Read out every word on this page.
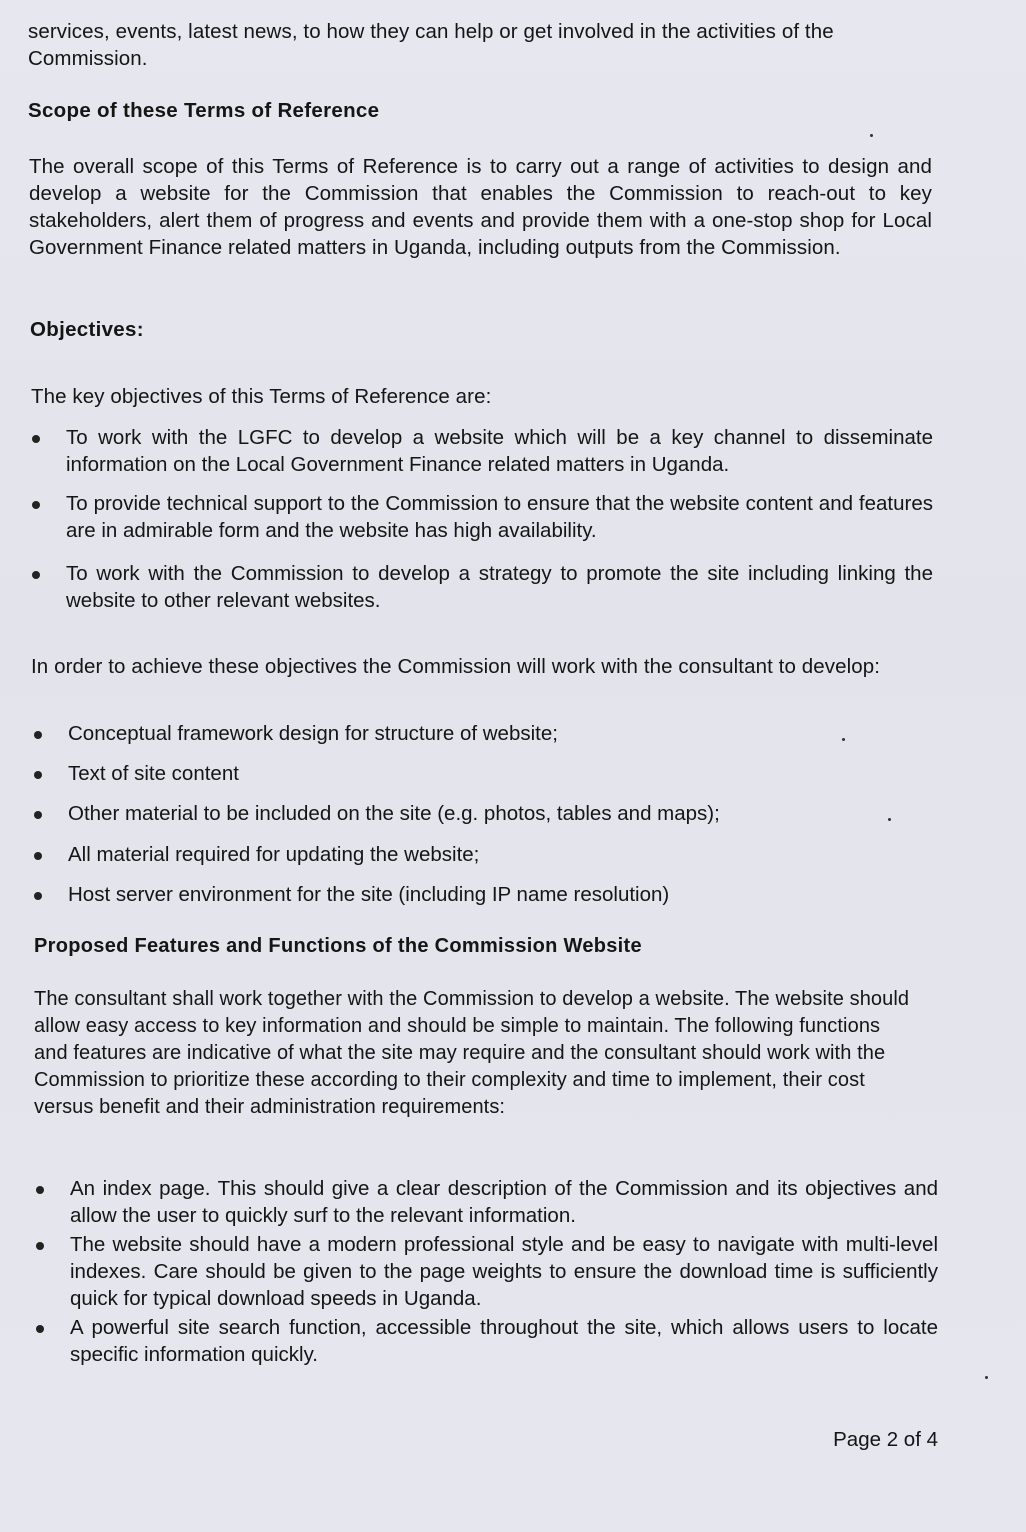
services, events, latest news, to how they can help or get involved in the activities of the Commission.
Scope of these Terms of Reference
The overall scope of this Terms of Reference is to carry out a range of activities to design and develop a website for the Commission that enables the Commission to reach-out to key stakeholders, alert them of progress and events and provide them with a one-stop shop for Local Government Finance related matters in Uganda, including outputs from the Commission.
Objectives:
The key objectives of this Terms of Reference are:
To work with the LGFC to develop a website which will be a key channel to disseminate information on the Local Government Finance related matters in Uganda.
To provide technical support to the Commission to ensure that the website content and features are in admirable form and the website has high availability.
To work with the Commission to develop a strategy to promote the site including linking the website to other relevant websites.
In order to achieve these objectives the Commission will work with the consultant to develop:
Conceptual framework design for structure of website;
Text of site content
Other material to be included on the site (e.g. photos, tables and maps);
All material required for updating the website;
Host server environment for the site (including IP name resolution)
Proposed Features and Functions of the Commission Website
The consultant shall work together with the Commission to develop a website. The website should allow easy access to key information and should be simple to maintain. The following functions and features are indicative of what the site may require and the consultant should work with the Commission to prioritize these according to their complexity and time to implement, their cost versus benefit and their administration requirements:
An index page. This should give a clear description of the Commission and its objectives and allow the user to quickly surf to the relevant information.
The website should have a modern professional style and be easy to navigate with multi-level indexes. Care should be given to the page weights to ensure the download time is sufficiently quick for typical download speeds in Uganda.
A powerful site search function, accessible throughout the site, which allows users to locate specific information quickly.
Page 2 of 4
